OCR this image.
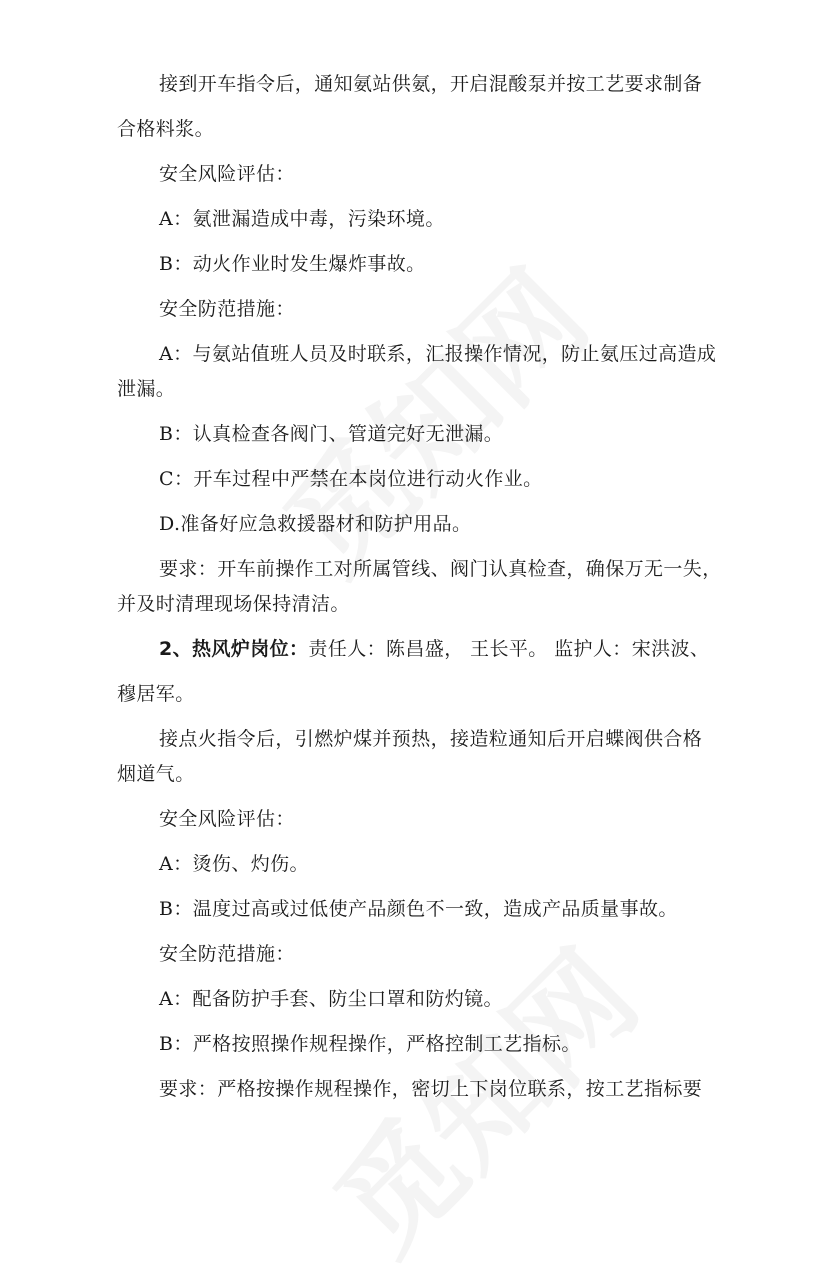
接到开车指令后，通知氨站供氨，开启混酸泵并按工艺要求制备
合格料浆。
安全风险评估：
A：氨泄漏造成中毒，污染环境。
B：动火作业时发生爆炸事故。
安全防范措施：
A：与氨站值班人员及时联系，汇报操作情况，防止氨压过高造成
泄漏。
B：认真检查各阀门、管道完好无泄漏。
C：开车过程中严禁在本岗位进行动火作业。
D.准备好应急救援器材和防护用品。
要求：开车前操作工对所属管线、阀门认真检查，确保万无一失，
并及时清理现场保持清洁。
2、热风炉岗位：责任人：陈昌盛， 王长平。 监护人：宋洪波、
穆居军。
接点火指令后，引燃炉煤并预热，接造粒通知后开启蝶阀供合格
烟道气。
安全风险评估：
A：烫伤、灼伤。
B：温度过高或过低使产品颜色不一致，造成产品质量事故。
安全防范措施：
A：配备防护手套、防尘口罩和防灼镜。
B：严格按照操作规程操作，严格控制工艺指标。
要求：严格按操作规程操作，密切上下岗位联系，按工艺指标要
